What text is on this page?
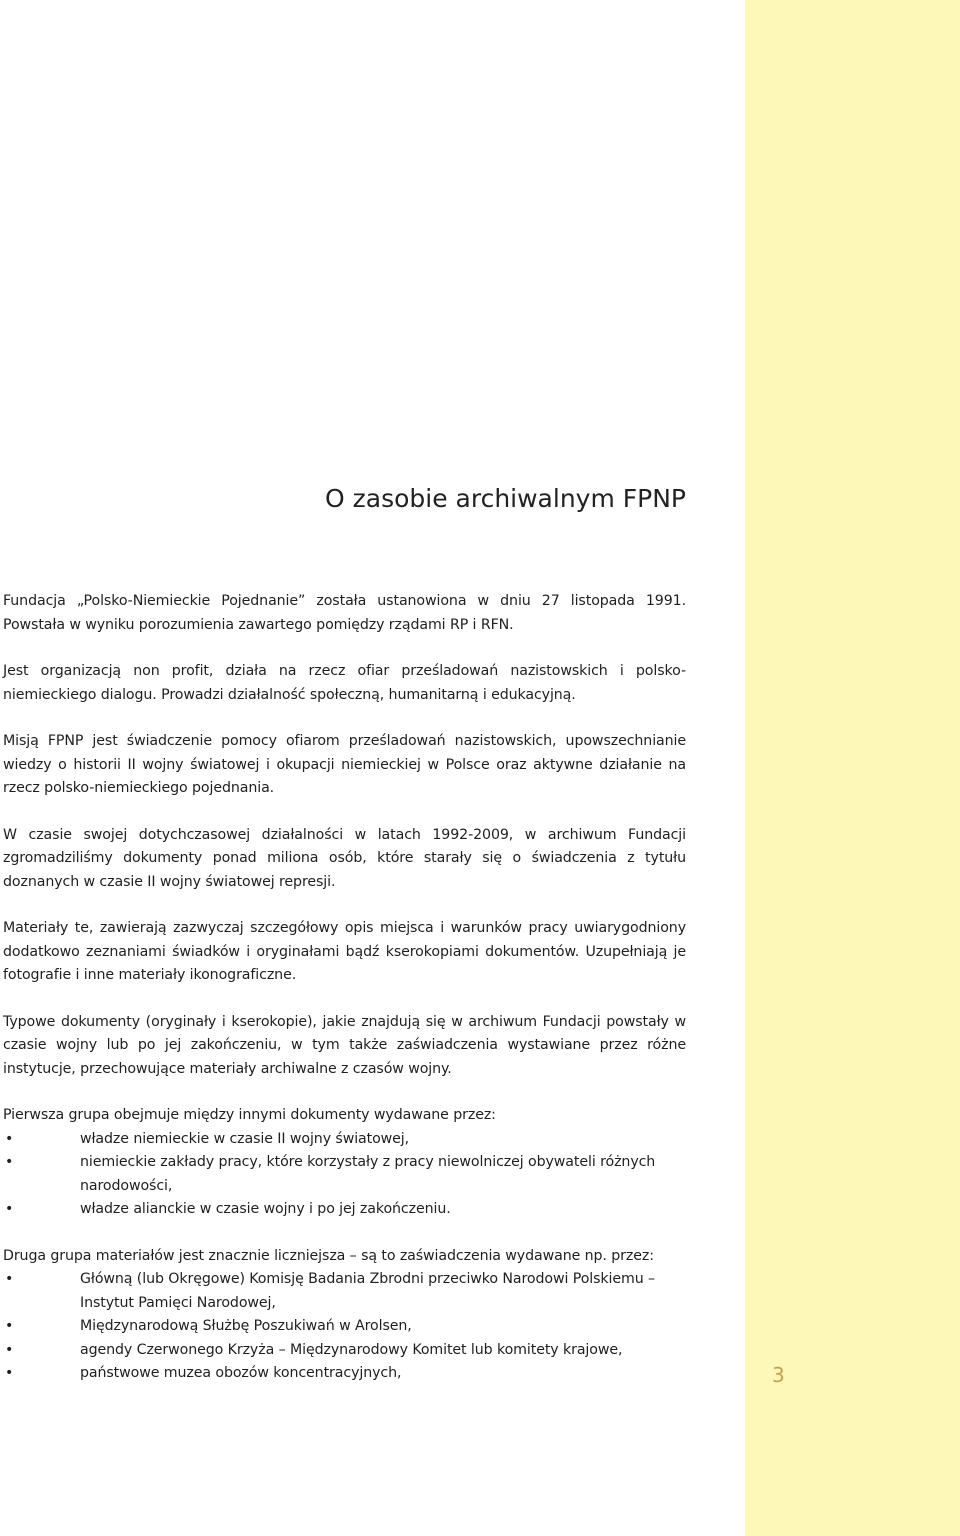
O zasobie archiwalnym FPNP

Fundacja „Polsko-Niemieckie Pojednanie” została ustanowiona w dniu 27 listopada 1991. Powstała w wyniku porozumienia zawartego pomiędzy rządami RP i RFN.

Jest organizacją non profit, działa na rzecz ofiar prześladowań nazistowskich i polsko-niemieckiego dialogu. Prowadzi działalność społeczną, humanitarną i edukacyjną.

Misją FPNP jest świadczenie pomocy ofiarom prześladowań nazistowskich, upowszechnianie wiedzy o historii II wojny światowej i okupacji niemieckiej w Polsce oraz aktywne działanie na rzecz polsko-niemieckiego pojednania.

W czasie swojej dotychczasowej działalności w latach 1992-2009, w archiwum Fundacji zgromadziliśmy dokumenty ponad miliona osób, które starały się o świadczenia z tytułu doznanych w czasie II wojny światowej represji.

Materiały te, zawierają zazwyczaj szczegółowy opis miejsca i warunków pracy uwiarygodniony dodatkowo zeznaniami świadków i oryginałami bądź kserokopiami dokumentów. Uzupełniają je fotografie i inne materiały ikonograficzne.

Typowe dokumenty (oryginały i kserokopie), jakie znajdują się w archiwum Fundacji powstały w czasie wojny lub po jej zakończeniu, w tym także zaświadczenia wystawiane przez różne instytucje, przechowujące materiały archiwalne z czasów wojny.

Pierwsza grupa obejmuje między innymi dokumenty wydawane przez:

•	władze niemieckie w czasie II wojny światowej,
•	niemieckie zakłady pracy, które korzystały z pracy niewolniczej obywateli różnych narodowości,
•	władze alianckie w czasie wojny i po jej zakończeniu.

Druga grupa materiałów jest znacznie liczniejsza – są to zaświadczenia wydawane np. przez:

•	Główną (lub Okręgowe) Komisję Badania Zbrodni przeciwko Narodowi Polskiemu – Instytut Pamięci Narodowej,
•	Międzynarodową Służbę Poszukiwań w Arolsen,
•	agendy Czerwonego Krzyża – Międzynarodowy Komitet lub komitety krajowe,
•	państwowe muzea obozów koncentracyjnych,	3
